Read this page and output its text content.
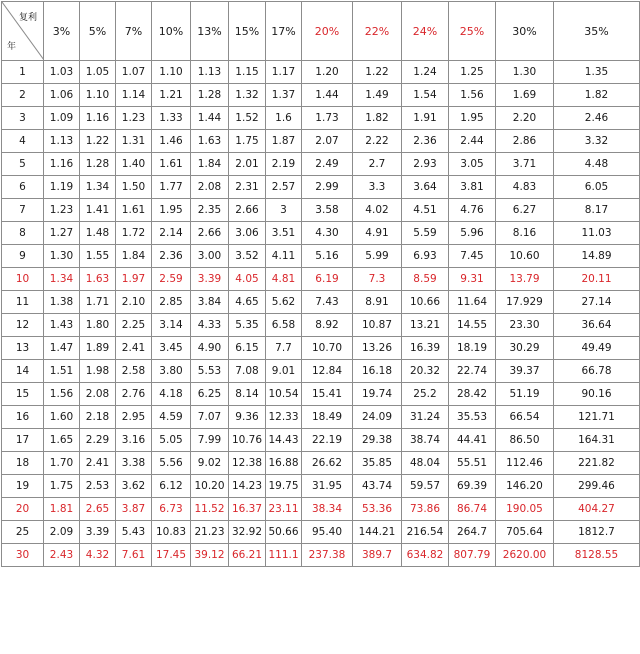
复利
年	3%	5%	7%	10%	13%	15%	17%	20%	22%	24%	25%	30%	35%
1	1.03	1.05	1.07	1.10	1.13	1.15	1.17	1.20	1.22	1.24	1.25	1.30	1.35
2	1.06	1.10	1.14	1.21	1.28	1.32	1.37	1.44	1.49	1.54	1.56	1.69	1.82
3	1.09	1.16	1.23	1.33	1.44	1.52	1.6	1.73	1.82	1.91	1.95	2.20	2.46
4	1.13	1.22	1.31	1.46	1.63	1.75	1.87	2.07	2.22	2.36	2.44	2.86	3.32
5	1.16	1.28	1.40	1.61	1.84	2.01	2.19	2.49	2.7	2.93	3.05	3.71	4.48
6	1.19	1.34	1.50	1.77	2.08	2.31	2.57	2.99	3.3	3.64	3.81	4.83	6.05
7	1.23	1.41	1.61	1.95	2.35	2.66	3	3.58	4.02	4.51	4.76	6.27	8.17
8	1.27	1.48	1.72	2.14	2.66	3.06	3.51	4.30	4.91	5.59	5.96	8.16	11.03
9	1.30	1.55	1.84	2.36	3.00	3.52	4.11	5.16	5.99	6.93	7.45	10.60	14.89
10	1.34	1.63	1.97	2.59	3.39	4.05	4.81	6.19	7.3	8.59	9.31	13.79	20.11
11	1.38	1.71	2.10	2.85	3.84	4.65	5.62	7.43	8.91	10.66	11.64	17.929	27.14
12	1.43	1.80	2.25	3.14	4.33	5.35	6.58	8.92	10.87	13.21	14.55	23.30	36.64
13	1.47	1.89	2.41	3.45	4.90	6.15	7.7	10.70	13.26	16.39	18.19	30.29	49.49
14	1.51	1.98	2.58	3.80	5.53	7.08	9.01	12.84	16.18	20.32	22.74	39.37	66.78
15	1.56	2.08	2.76	4.18	6.25	8.14	10.54	15.41	19.74	25.2	28.42	51.19	90.16
16	1.60	2.18	2.95	4.59	7.07	9.36	12.33	18.49	24.09	31.24	35.53	66.54	121.71
17	1.65	2.29	3.16	5.05	7.99	10.76	14.43	22.19	29.38	38.74	44.41	86.50	164.31
18	1.70	2.41	3.38	5.56	9.02	12.38	16.88	26.62	35.85	48.04	55.51	112.46	221.82
19	1.75	2.53	3.62	6.12	10.20	14.23	19.75	31.95	43.74	59.57	69.39	146.20	299.46
20	1.81	2.65	3.87	6.73	11.52	16.37	23.11	38.34	53.36	73.86	86.74	190.05	404.27
25	2.09	3.39	5.43	10.83	21.23	32.92	50.66	95.40	144.21	216.54	264.7	705.64	1812.7
30	2.43	4.32	7.61	17.45	39.12	66.21	111.1	237.38	389.7	634.82	807.79	2620.00	8128.55
